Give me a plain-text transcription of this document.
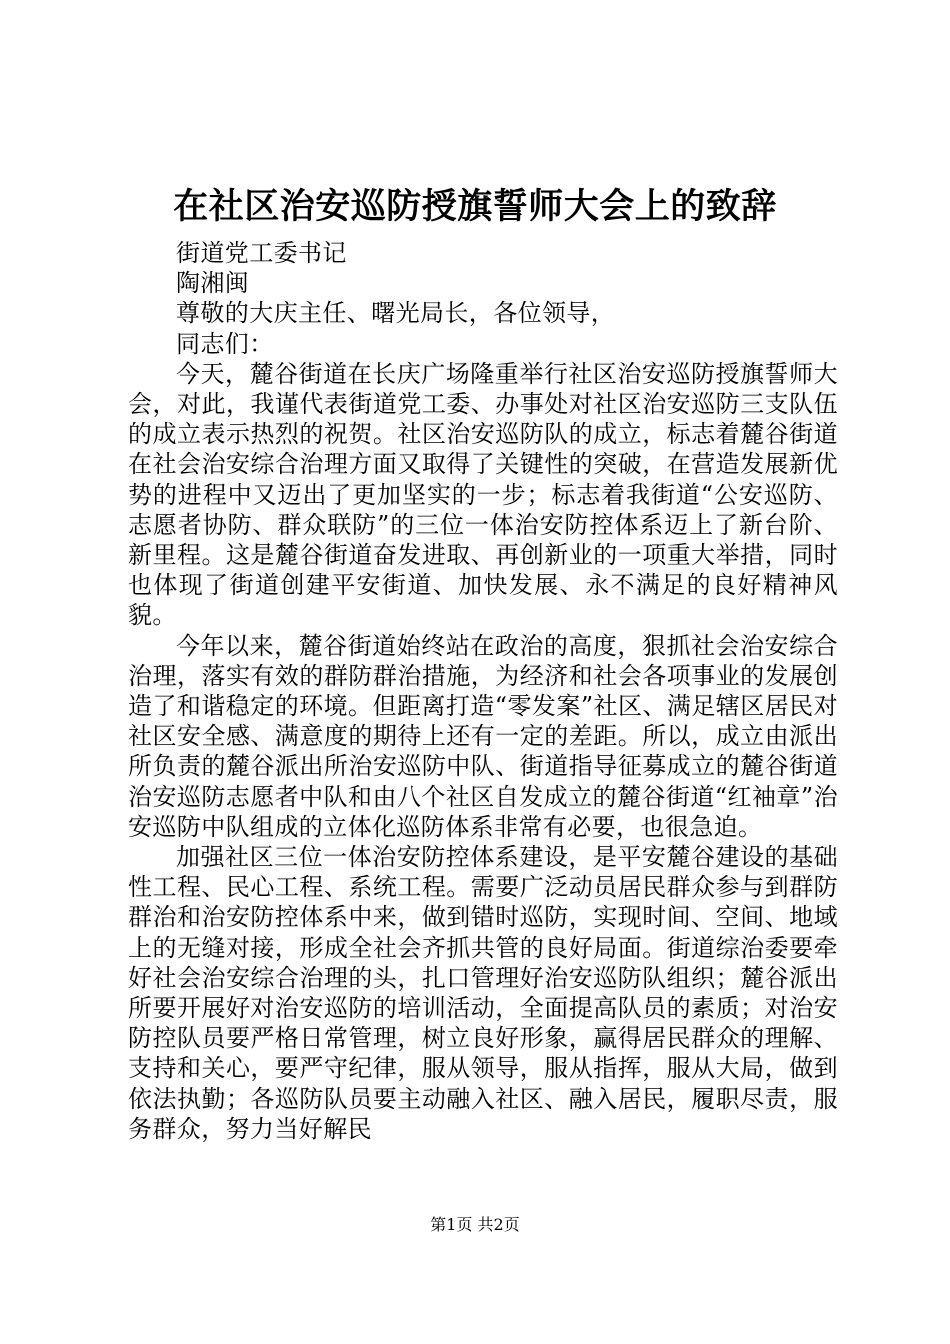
在社区治安巡防授旗誓师大会上的致辞

街道党工委书记

陶湘闽

尊敬的大庆主任、曙光局长，各位领导，

同志们：

今天，麓谷街道在长庆广场隆重举行社区治安巡防授旗誓师大会，对此，我谨代表街道党工委、办事处对社区治安巡防三支队伍的成立表示热烈的祝贺。社区治安巡防队的成立，标志着麓谷街道在社会治安综合治理方面又取得了关键性的突破，在营造发展新优势的进程中又迈出了更加坚实的一步；标志着我街道“公安巡防、志愿者协防、群众联防”的三位一体治安防控体系迈上了新台阶、新里程。这是麓谷街道奋发进取、再创新业的一项重大举措，同时也体现了街道创建平安街道、加快发展、永不满足的良好精神风貌。

今年以来，麓谷街道始终站在政治的高度，狠抓社会治安综合治理，落实有效的群防群治措施，为经济和社会各项事业的发展创造了和谐稳定的环境。但距离打造“零发案”社区、满足辖区居民对社区安全感、满意度的期待上还有一定的差距。所以，成立由派出所负责的麓谷派出所治安巡防中队、街道指导征募成立的麓谷街道治安巡防志愿者中队和由八个社区自发成立的麓谷街道“红袖章”治安巡防中队组成的立体化巡防体系非常有必要，也很急迫。

加强社区三位一体治安防控体系建设，是平安麓谷建设的基础性工程、民心工程、系统工程。需要广泛动员居民群众参与到群防群治和治安防控体系中来，做到错时巡防，实现时间、空间、地域上的无缝对接，形成全社会齐抓共管的良好局面。街道综治委要牵好社会治安综合治理的头，扎口管理好治安巡防队组织；麓谷派出所要开展好对治安巡防的培训活动，全面提高队员的素质；对治安防控队员要严格日常管理，树立良好形象，赢得居民群众的理解、支持和关心，要严守纪律，服从领导，服从指挥，服从大局，做到依法执勤；各巡防队员要主动融入社区、融入居民，履职尽责，服务群众，努力当好解民

第1页 共2页
